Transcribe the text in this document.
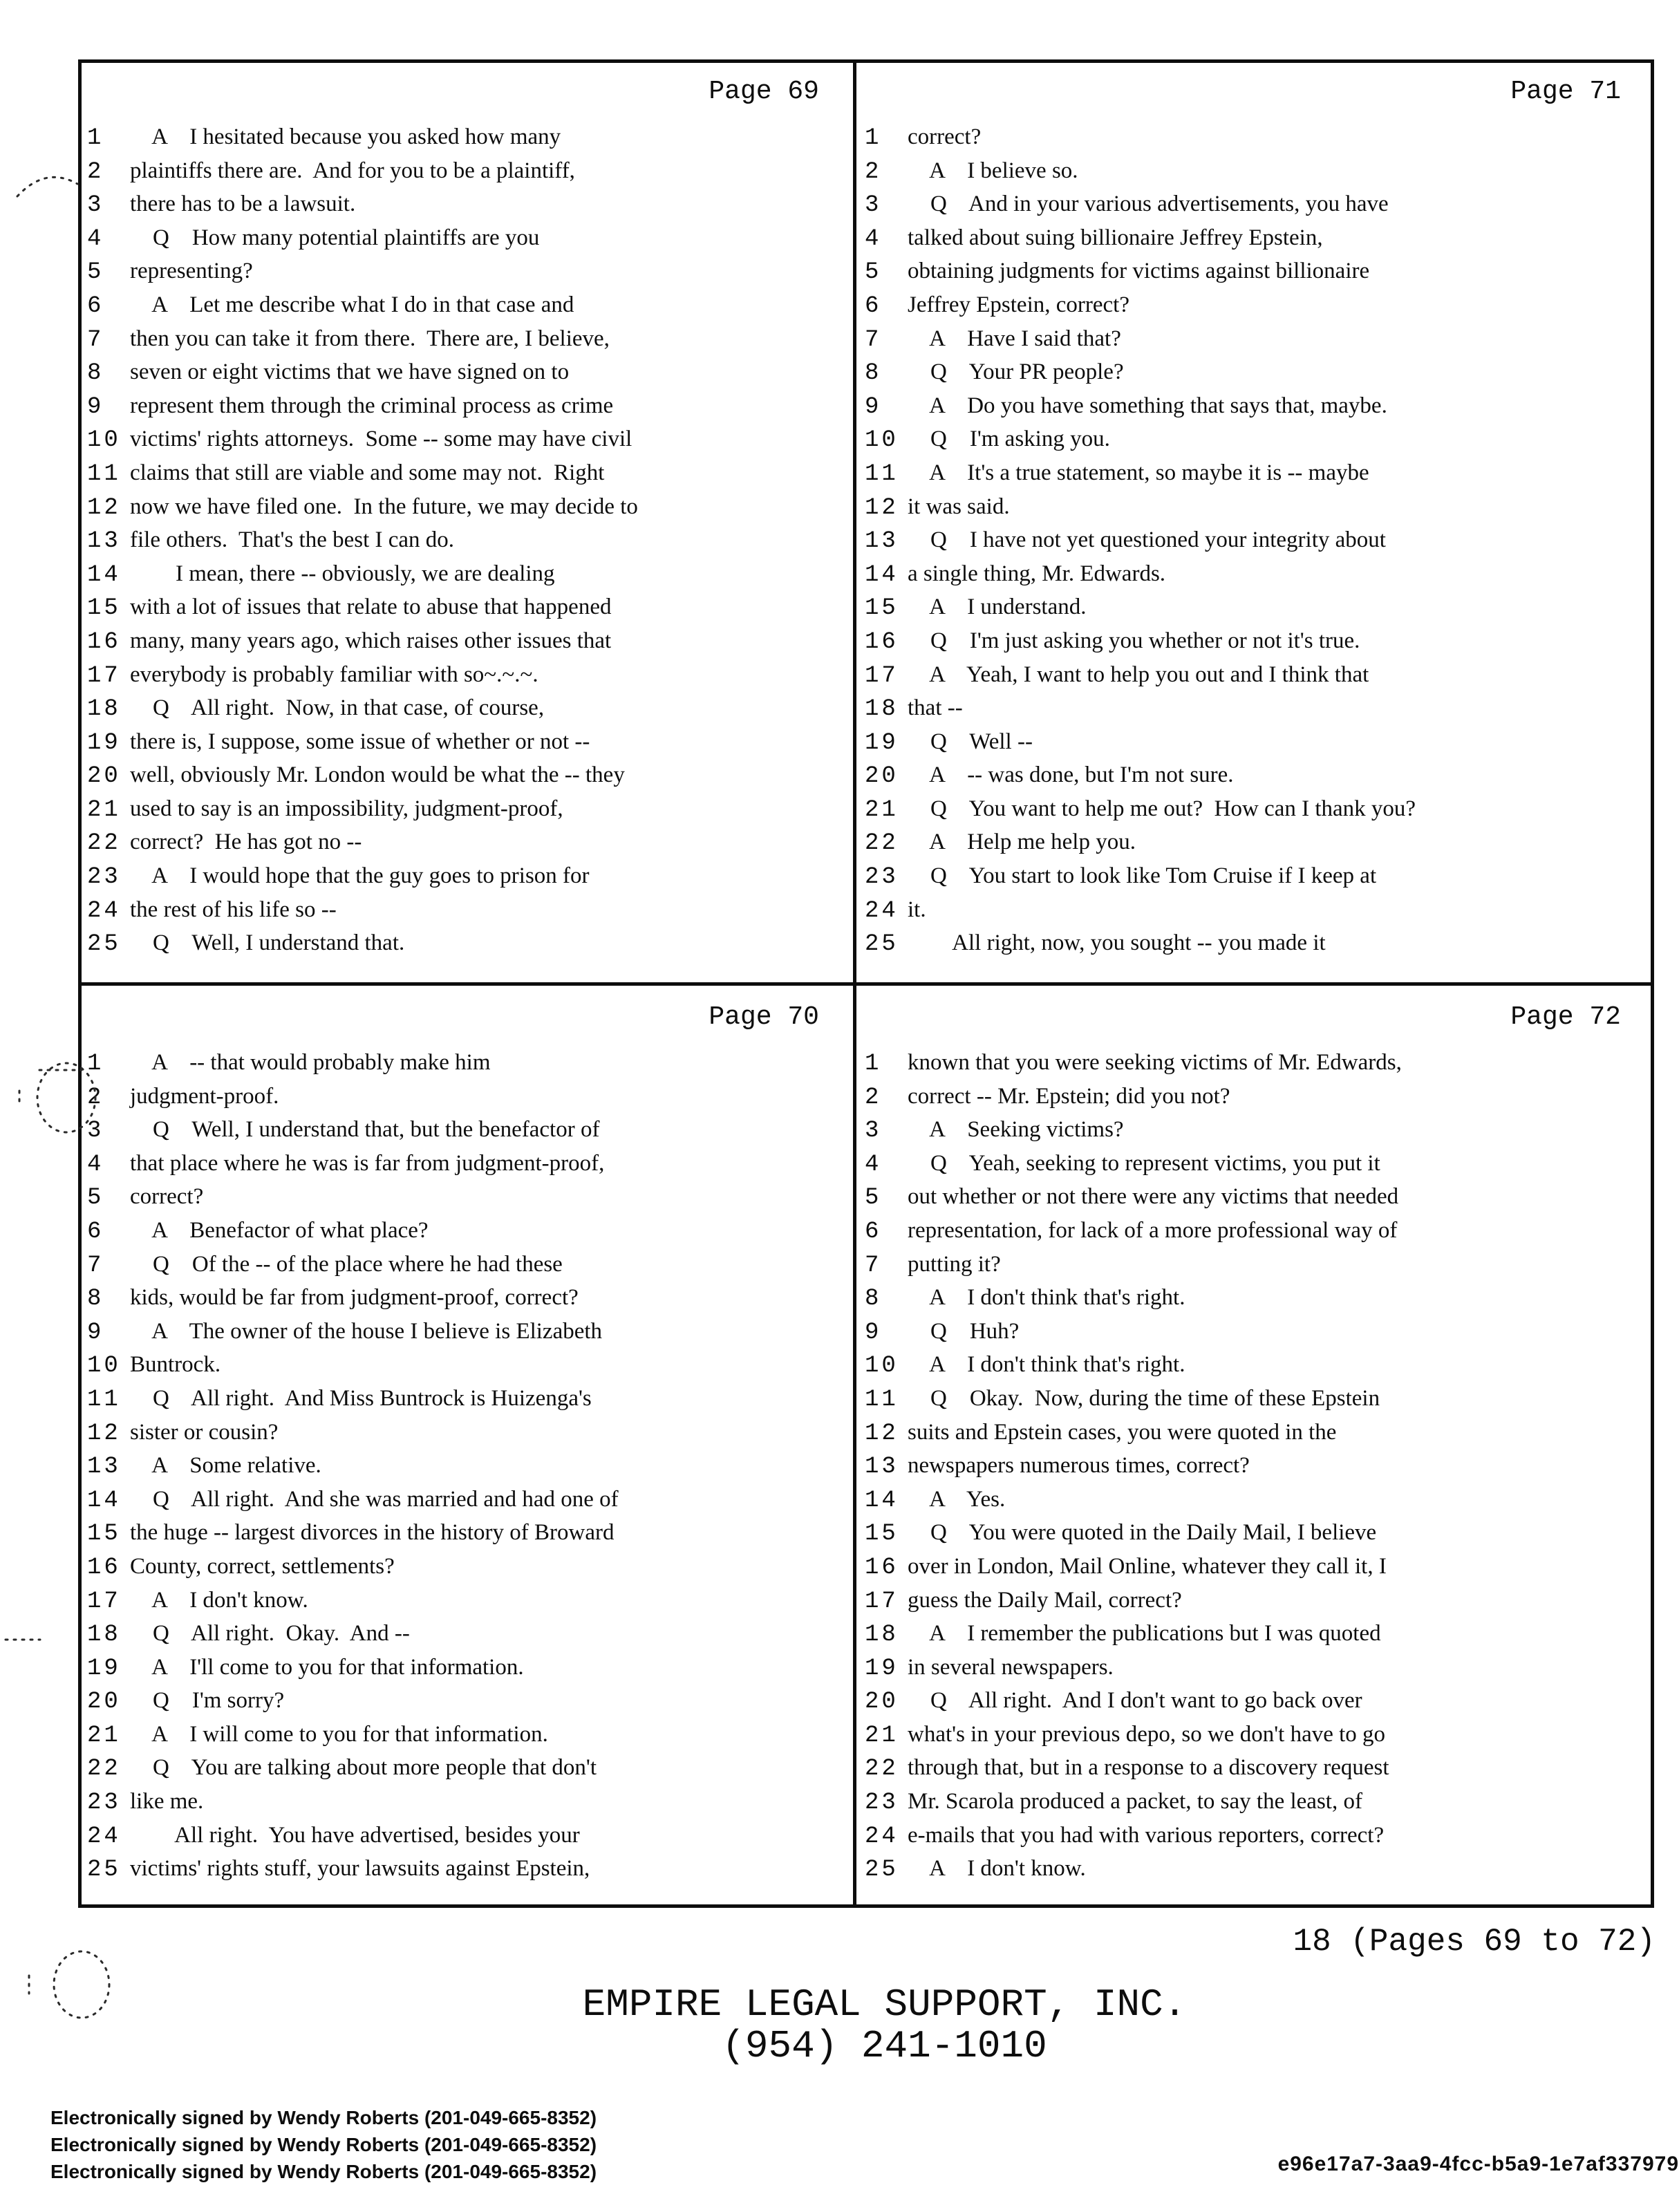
Page 69
1	A    I hesitated because you asked how many
2	plaintiffs there are.  And for you to be a plaintiff,
3	there has to be a lawsuit.
4	Q    How many potential plaintiffs are you
5	representing?
6	A    Let me describe what I do in that case and
7	then you can take it from there.  There are, I believe,
8	seven or eight victims that we have signed on to
9	represent them through the criminal process as crime
10 victims' rights attorneys.  Some -- some may have civil
11 claims that still are viable and some may not.  Right
12 now we have filed one.  In the future, we may decide to
13 file others.  That's the best I can do.
14 I mean, there -- obviously, we are dealing
15 with a lot of issues that relate to abuse that happened
16 many, many years ago, which raises other issues that
17 everybody is probably familiar with so~.~.~.
18 Q    All right.  Now, in that case, of course,
19 there is, I suppose, some issue of whether or not --
20 well, obviously Mr. London would be what the -- they
21 used to say is an impossibility, judgment-proof,
22 correct?  He has got no --
23 A    I would hope that the guy goes to prison for
24 the rest of his life so --
25 Q    Well, I understand that.
Page 71
1	correct?
2	A    I believe so.
3	Q    And in your various advertisements, you have
4	talked about suing billionaire Jeffrey Epstein,
5	obtaining judgments for victims against billionaire
6	Jeffrey Epstein, correct?
7	A    Have I said that?
8	Q    Your PR people?
9	A    Do you have something that says that, maybe.
10 Q    I'm asking you.
11 A    It's a true statement, so maybe it is -- maybe
12 it was said.
13 Q    I have not yet questioned your integrity about
14 a single thing, Mr. Edwards.
15 A    I understand.
16 Q    I'm just asking you whether or not it's true.
17 A    Yeah, I want to help you out and I think that
18 that --
19 Q    Well --
20 A    -- was done, but I'm not sure.
21 Q    You want to help me out?  How can I thank you?
22 A    Help me help you.
23 Q    You start to look like Tom Cruise if I keep at
24 it.
25 All right, now, you sought -- you made it
Page 70
1	A    -- that would probably make him
2	judgment-proof.
3	Q    Well, I understand that, but the benefactor of
4	that place where he was is far from judgment-proof,
5	correct?
6	A    Benefactor of what place?
7	Q    Of the -- of the place where he had these
8	kids, would be far from judgment-proof, correct?
9	A    The owner of the house I believe is Elizabeth
10 Buntrock.
11 Q    All right.  And Miss Buntrock is Huizenga's
12 sister or cousin?
13 A    Some relative.
14 Q    All right.  And she was married and had one of
15 the huge -- largest divorces in the history of Broward
16 County, correct, settlements?
17 A    I don't know.
18 Q    All right.  Okay.  And --
19 A    I'll come to you for that information.
20 Q    I'm sorry?
21 A    I will come to you for that information.
22 Q    You are talking about more people that don't
23 like me.
24 All right.  You have advertised, besides your
25 victims' rights stuff, your lawsuits against Epstein,
Page 72
1	known that you were seeking victims of Mr. Edwards,
2	correct -- Mr. Epstein; did you not?
3	A    Seeking victims?
4	Q    Yeah, seeking to represent victims, you put it
5	out whether or not there were any victims that needed
6	representation, for lack of a more professional way of
7	putting it?
8	A    I don't think that's right.
9	Q    Huh?
10 A    I don't think that's right.
11 Q    Okay.  Now, during the time of these Epstein
12 suits and Epstein cases, you were quoted in the
13 newspapers numerous times, correct?
14 A    Yes.
15 Q    You were quoted in the Daily Mail, I believe
16 over in London, Mail Online, whatever they call it, I
17 guess the Daily Mail, correct?
18 A    I remember the publications but I was quoted
19 in several newspapers.
20 Q    All right.  And I don't want to go back over
21 what's in your previous depo, so we don't have to go
22 through that, but in a response to a discovery request
23 Mr. Scarola produced a packet, to say the least, of
24 e-mails that you had with various reporters, correct?
25 A    I don't know.
18 (Pages 69 to 72)
EMPIRE LEGAL SUPPORT, INC.
(954) 241-1010
Electronically signed by Wendy Roberts (201-049-665-8352)
Electronically signed by Wendy Roberts (201-049-665-8352)
Electronically signed by Wendy Roberts (201-049-665-8352)	e96e17a7-3aa9-4fcc-b5a9-1e7af337979
